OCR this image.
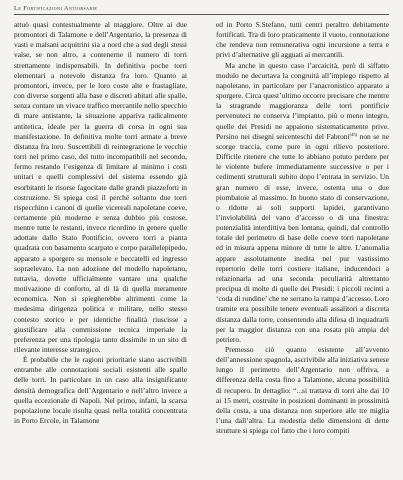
Le Fortificazioni Antiorsarie

attuò quasi contestualmente al maggiore. Oltre ai due promontori di Talamone e dell’Argentario, la presenza di vasti e malsani acquitrini sia a nord che a sud degli stessi valse, se non altro, a contenerne il numero di torri strettamente indispensabili. In definitiva poche torri elementari a notevole distanza fra loro. Quanto ai promontori, invece, per le loro coste alte e frastagliate, con diverse sorgenti alla base e discreti abitati alle spalle, senza contare un vivace traffico mercantile nello specchio di mare antistante, la situazione apparìva radicalmente antitetica, ideale per la guerra di corsa in ogni sua manifestazione. In definitiva molte torri armate a breve distanza fra loro. Suscettibili di reintegrazione le vecchie torri nel primo caso, del tutto incompatibili nel secondo, fermo restando l’esigenza di limitare al minimo i costi unitari e quelli complessivi del sistema essendo già esorbitanti le risorse fagocitate dalle grandi piazzeforti in costruzione. Si spiega così il perché soltanto due torri rispecchino i canoni di quelle vicereali napoletane coeve, certamente più moderne e senza dubbio più costose, mentre tutte le restanti, invece ricordino in genere quelle adottate dallo Stato Pontificio, ovvero torri a pianta quadrata con basamento scarpato e corpo parallelepipedo, apparato a sporgere su mensole e beccatelli ed ingresso sopraelevato. La non adozione del modello napoletano, tuttavia, dovette ufficialmente vantare una qualche motivazione di conforto, al di là di quella meramente economica. Non si spiegherebbe altrimenti come la medesima dirigenza politica e militare, nello stesso contesto storico e per identiche finalità riuscisse a giustificare alla commissione tecnica imperiale la preferenza per una tipologia tanto dissimile in un sito di rilevante interesse strategico.

È probabile che le ragioni prioritarie siano ascrivibili entrambe alle connotazioni sociali esistenti alle spalle delle torri. In particolare in un caso alla insignificante densità demografica dell’Argentario e nell’altro invece a quella eccezionale di Napoli. Nel primo, infatti, la scarsa popolazione locale risulta quasi nella totalità concentrata in Porto Ercole, in Talamone

ed in Porto S.Stefano, tutti centri peraltro debitamente fortificati. Tra di loro praticamente il vuoto, connotazione che rendeva non remunerativa ogni incursione a terra e privi d’alternative gli agguati ai mercantili.

Ma anche in questo caso l’arcaicità, però di siffatto modulo ne decurtava la congruità all’impiego rispetto al napoletano, in particolare per l’anacronistico apparato a sporgere. Circa quest’ultimo occorre precisare che mentre la stragrande maggioranza delle torri pontificie pervenuteci ne conserva l’impianto, più o meno integro, quelle dei Presidi ne appaiono sistematicamente prive. Persino nei disegni seicenteschi del Fabroni$^{(45)}$ non se ne scorge traccia, come pure in ogni rilievo posteriore. Difficile ritenere che tutte lo abbiano potuto perdere per le violente bufere immediatamente successive o per i cedimenti strutturali subito dopo l’entrata in servizio. Un gran numero di esse, invece, ostenta una o due piombatoie al massimo. In buono stato di conservazione, o ridotte ai soli supporti lapidei, garantivano l’inviolabilità del vano d’accesso o di una finestra: potenzialità interdittiva ben lontana, quindi, dal controllo totale del perimetro di base delle coeve torri napoletane ed in misura appena minore di tutte le altre. L’anomalia appare assolutamente inedita nel pur vastissimo repertorio delle torri costiere italiane, inducendoci a relazionarla ad una seconda peculiarità altrettanto precipua di molte di quelle dei Presidi: i piccoli recinti a ‘coda di rondine’ che ne serrano la rampa d’accesso. Loro tramite era possibile tenere eventuali assalitori a discreta distanza dalla torre, consentendo alla difesa di inquadrarli per la maggior distanza con una rosata più ampia del petriero.

Premesso ciò quanto esistente all’avvento dell’annessione spagnola, ascrivibile alla iniziativa senese lungo il perimetro dell’Argentario non offriva, a differenza della costa fino a Talamone, alcuna possibilità di recupero. In dettaglio: “...si trattava di torri alte dai 10 ai 15 metri, costruite in posizioni dominanti in prossimità della costa, a una distanza non superiore alle tre miglia l’una dall’altra. La modestia delle dimensioni di dette strutture si spiega col fatto che i loro compiti
